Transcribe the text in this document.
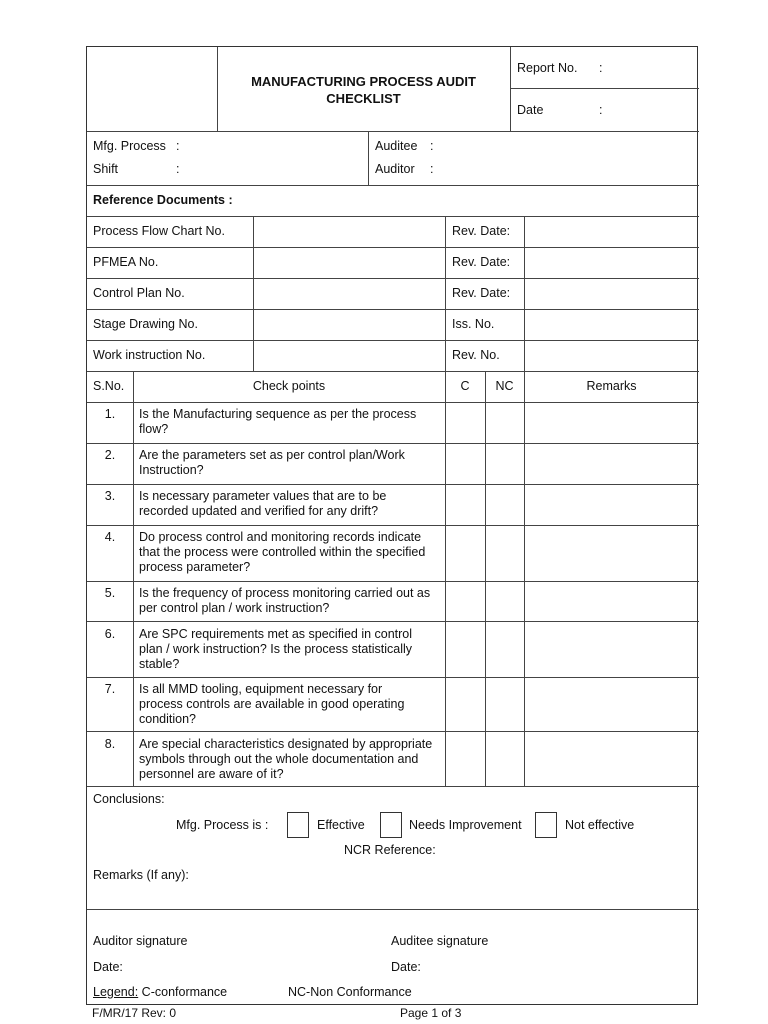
MANUFACTURING PROCESS AUDIT
CHECKLIST
Report No. :
Date	:
Mfg. Process :
Shift	:
Auditee :
Auditor :
Reference Documents :
Process Flow Chart No.	Rev. Date:
PFMEA No.	Rev. Date:
Control Plan No.	Rev. Date:
Stage Drawing No.	Iss. No.
Work instruction No.	Rev. No.
S.No.	Check points	C	NC	Remarks
1.	Is the Manufacturing sequence as per the process flow?
2.	Are the parameters set as per control plan/Work Instruction?
3.	Is necessary parameter values that are to be recorded updated and verified for any drift?
4.	Do process control and monitoring records indicate that the process were controlled within the specified process parameter?
5.	Is the frequency of process monitoring carried out as per control plan / work instruction?
6.	Are SPC requirements met as specified in control plan / work instruction? Is the process statistically stable?
7.	Is all MMD tooling, equipment necessary for process controls are available in good operating condition?
8.	Are special characteristics designated by appropriate symbols through out the whole documentation and personnel are aware of it?
Conclusions:
Mfg. Process is :	Effective	Needs Improvement	Not effective
NCR Reference:
Remarks (If any):
Auditor signature	Auditee signature
Date:	Date:
Legend: C-conformance	NC-Non Conformance
F/MR/17 Rev: 0	Page 1 of 3
